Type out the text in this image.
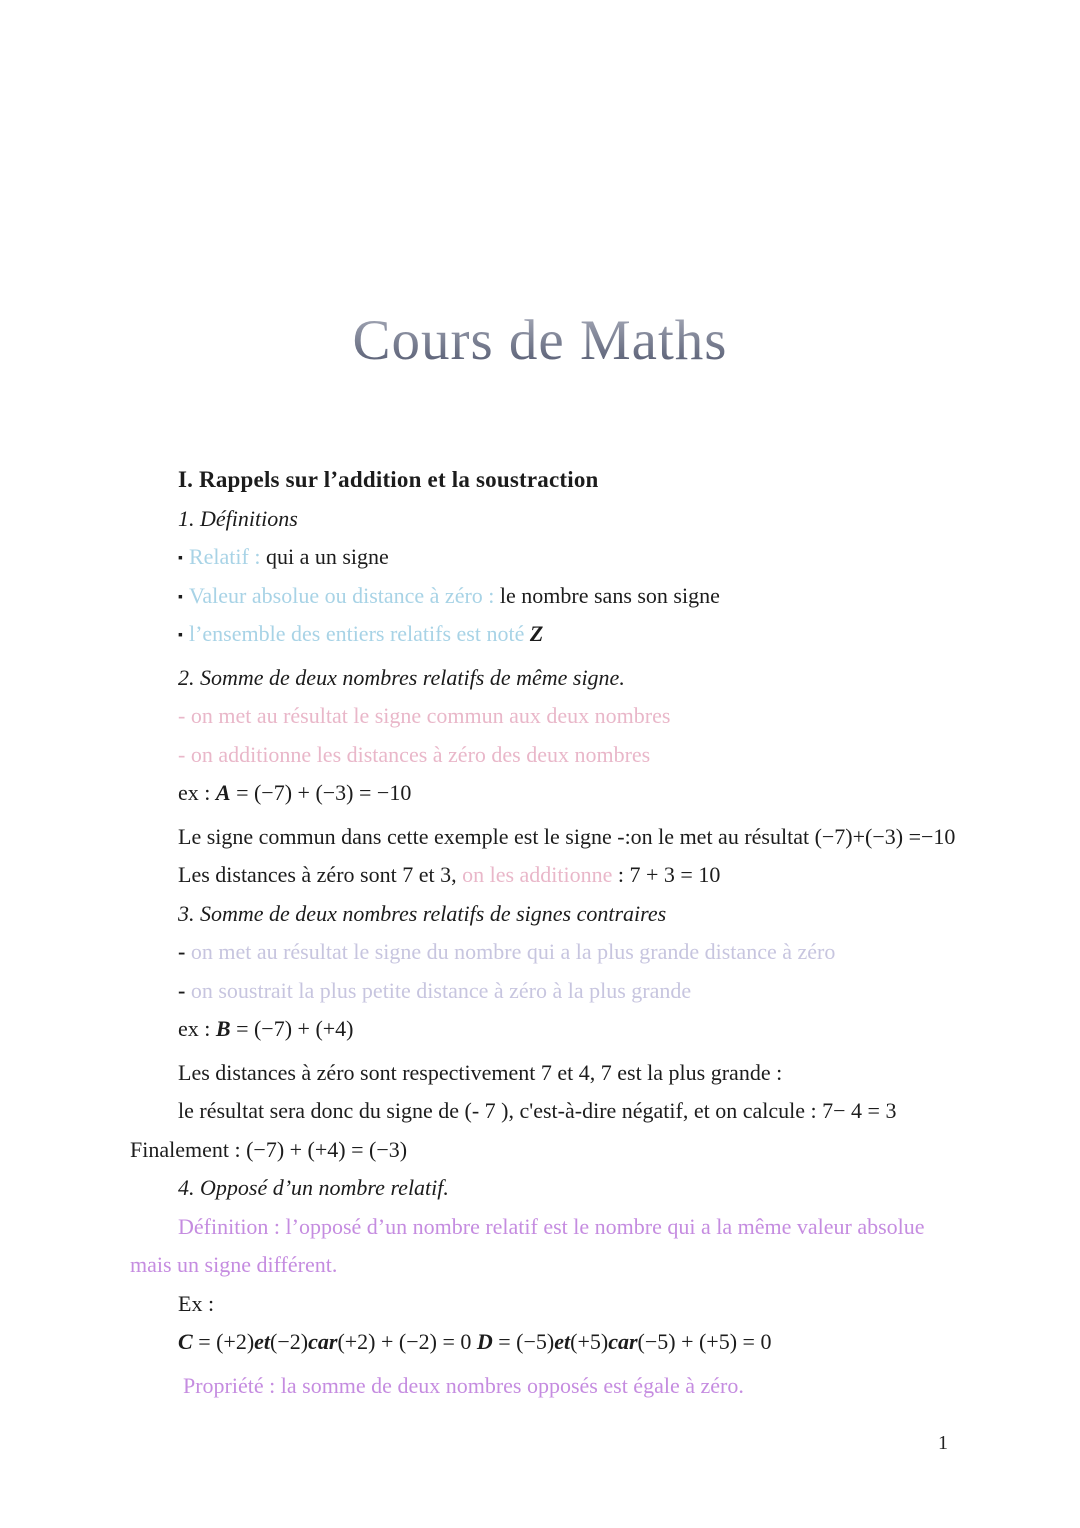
Cours de Maths
I. Rappels sur l’addition et la soustraction
1. Définitions
▪ Relatif : qui a un signe
▪ Valeur absolue ou distance à zéro : le nombre sans son signe
▪ l’ensemble des entiers relatifs est noté Z
2. Somme de deux nombres relatifs de même signe.
- on met au résultat le signe commun aux deux nombres
- on additionne les distances à zéro des deux nombres
ex : A = (−7) + (−3) = −10
Le signe commun dans cette exemple est le signe -:on le met au résultat (−7)+(−3) =−10
Les distances à zéro sont 7 et 3, on les additionne : 7 + 3 = 10
3. Somme de deux nombres relatifs de signes contraires
- on met au résultat le signe du nombre qui a la plus grande distance à zéro
- on soustrait la plus petite distance à zéro à la plus grande
ex : B = (−7) + (+4)
Les distances à zéro sont respectivement 7 et 4, 7 est la plus grande :
le résultat sera donc du signe de (- 7 ), c'est-à-dire négatif, et on calcule : 7− 4 = 3
Finalement : (−7) + (+4) = (−3)
4. Opposé d’un nombre relatif.
Définition : l’opposé d’un nombre relatif est le nombre qui a la même valeur absolue
mais un signe différent.
Ex :
C = (+2)et(−2)car(+2) + (−2) = 0 D = (−5)et(+5)car(−5) + (+5) = 0
Propriété : la somme de deux nombres opposés est égale à zéro.
1
